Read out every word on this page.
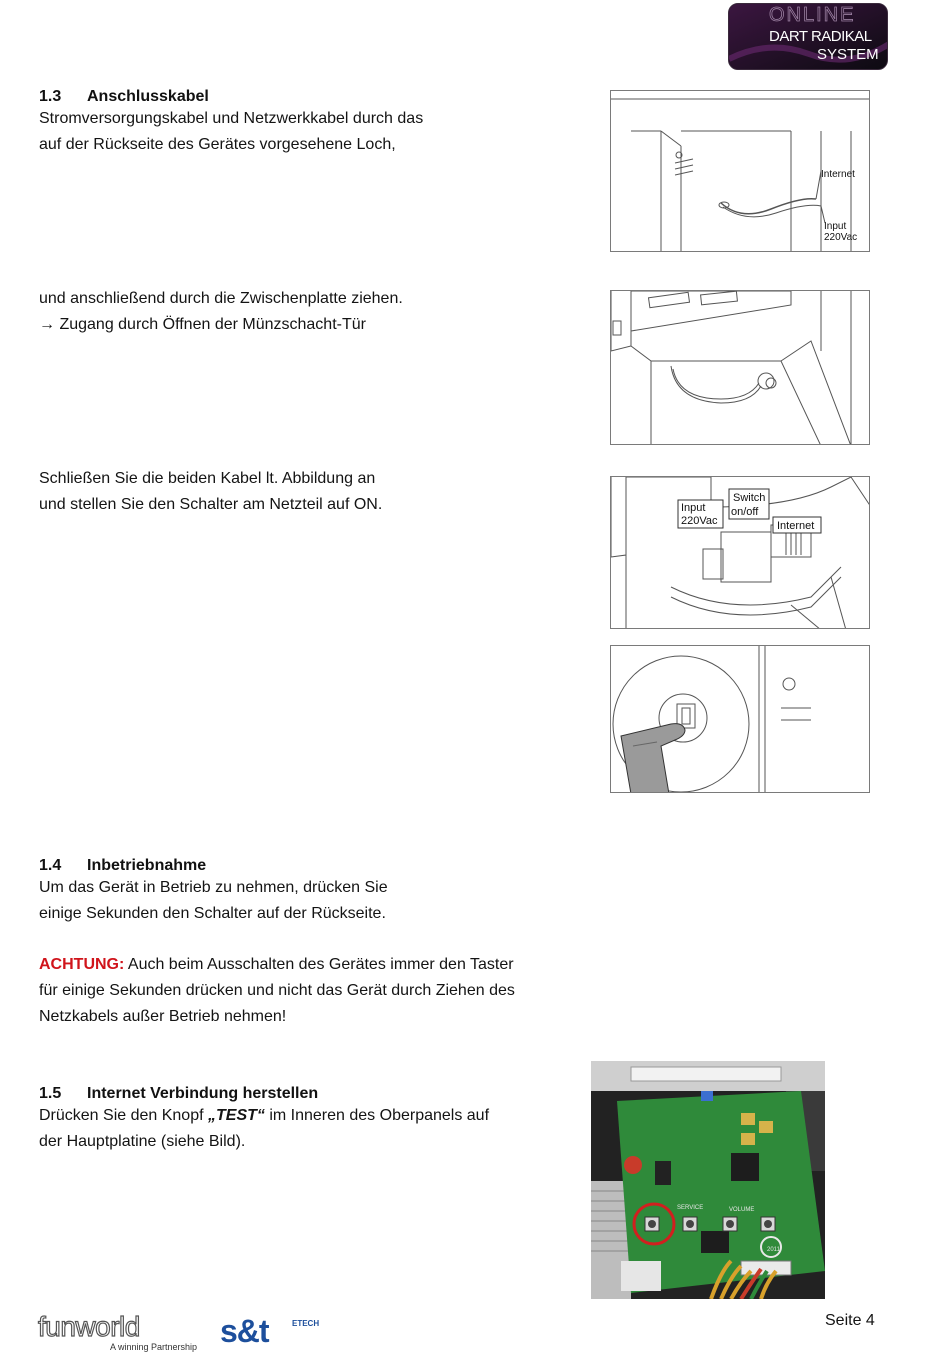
ONLINE
DART RADIKAL
SYSTEM
1.3 Anschlusskabel
Stromversorgungskabel und Netzwerkkabel durch das
auf der Rückseite des Gerätes vorgesehene Loch,
und anschließend durch die Zwischenplatte ziehen.
→ Zugang durch Öffnen der Münzschacht-Tür
Schließen Sie die beiden Kabel lt. Abbildung an
und stellen Sie den Schalter am Netzteil auf ON.
Internet
Input
220Vac
Input
220Vac
Switch
on/off
Internet
1.4 Inbetriebnahme
Um das Gerät in Betrieb zu nehmen, drücken Sie
einige Sekunden den Schalter auf der Rückseite.
ACHTUNG: Auch beim Ausschalten des Gerätes immer den Taster
für einige Sekunden drücken und nicht das Gerät durch Ziehen des
Netzkabels außer Betrieb nehmen!
1.5 Internet Verbindung herstellen
Drücken Sie den Knopf „TEST“ im Inneren des Oberpanels auf
der Hauptplatine (siehe Bild).
SERVICE	VOLUME
2011
funworld
A winning Partnership s&t	ETECH	Seite 4
